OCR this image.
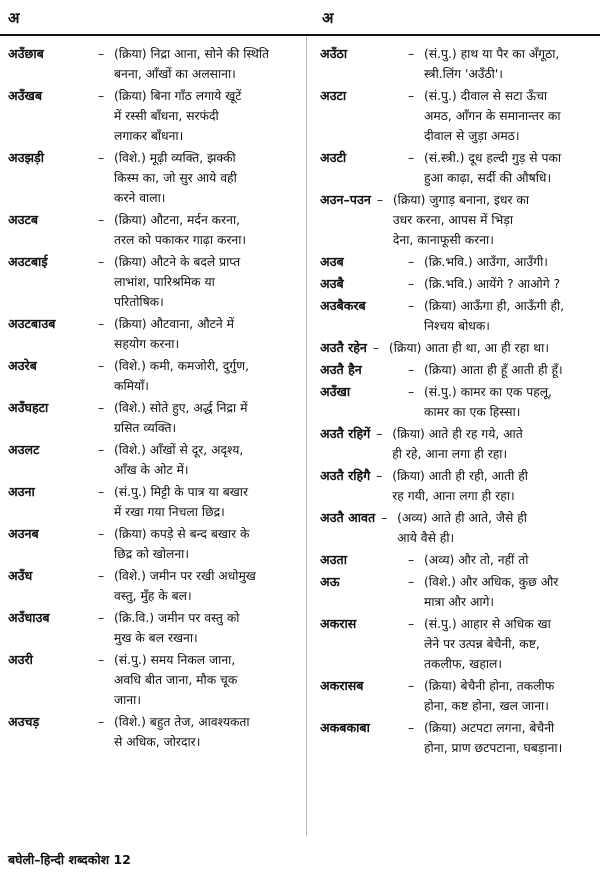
अ	अ
अउँछाब	– (क्रिया) निद्रा आना, सोने की स्थिति
बनना, आँखों का अलसाना।
अउँखब	– (क्रिया) बिना गाँठ लगाये खूटें
में रस्सी बाँधना, सरफंदी
लगाकर बाँधना।
अउझड़ी	– (विशे.) मूढ़ी व्यक्ति, झक्की
किस्म का, जो सुर आये वही
करने वाला।
अउटब	– (क्रिया) औटना, मर्दन करना,
तरल को पकाकर गाढ़ा करना।
अउटबाई	– (क्रिया) औटने के बदले प्राप्त
लाभांश, पारिश्रमिक या
परितोषिक।
अउटबाउब	– (क्रिया) औटवाना, औटने में
सहयोग करना।
अउरेब	– (विशे.) कमी, कमजोरी, दुर्गुण,
कमियाँ।
अउँघहटा	– (विशे.) सोते हुए, अर्द्ध निद्रा में
ग्रसित व्यक्ति।
अउलट	– (विशे.) आँखों से दूर, अदृश्य,
आँख के ओट में।
अउना	– (सं.पु.) मिट्टी के पात्र या बखार
में रखा गया निचला छिद्र।
अउनब	– (क्रिया) कपड़े से बन्द बखार के
छिद्र को खोलना।
अउँध	– (विशे.) जमीन पर रखी अधोमुख
वस्तु, मुँह के बल।
अउँधाउब	– (क्रि.वि.) जमीन पर वस्तु को
मुख के बल रखना।
अउरी	– (सं.पु.) समय निकल जाना,
अवधि बीत जाना, मौक चूक
जाना।
अउचड़	– (विशे.) बहुत तेज, आवश्यकता
से अधिक, जोरदार।
अउँठा	– (सं.पु.) हाथ या पैर का अँगूठा,
स्त्री.लिंग 'अउँठी'।
अउटा	– (सं.पु.) दीवाल से सटा ऊँचा
अमठ, आँगन के समानान्तर का
दीवाल से जुड़ा अमठ।
अउटी	– (सं.स्त्री.) दूध हल्दी गुड़ से पका
हुआ काढ़ा, सर्दी की औषधि।
अउन–पउन – (क्रिया) जुगाड़ बनाना, इधर का
उधर करना, आपस में भिड़ा
देना, कानाफूसी करना।
अउब	– (क्रि.भवि.) आउँगा, आउँगी।
अउबै	– (क्रि.भवि.) आयेंगे ? आओगे ?
अउबैकरब	– (क्रिया) आऊँगा ही, आऊँगी ही,
निश्चय बोधक।
अउतै रहेन – (क्रिया) आता ही था, आ ही रहा था।
अउतै हैन	– (क्रिया) आता ही हूँ आती ही हूँ।
अउँखा	– (सं.पु.) कामर का एक पहलू,
कामर का एक हिस्सा।
अउतै रहिगें – (क्रिया) आते ही रह गये, आते
ही रहे, आना लगा ही रहा।
अउतै रहिगै – (क्रिया) आती ही रही, आती ही
रह गयी, आना लगा ही रहा।
अउतै आवत – (अव्य) आते ही आते, जैसे ही
आये वैसे ही।
अउता	– (अव्य) और तो, नहीं तो
अऊ	– (विशे.) और अधिक, कुछ और
मात्रा और आगे।
अकरास	– (सं.पु.) आहार से अधिक खा
लेने पर उत्पन्न बेचैनी, कष्ट,
तकलीफ, खहाल।
अकरासब	– (क्रिया) बेचैनी होना, तकलीफ
होना, कष्ट होना, खल जाना।
अकबकाबा	– (क्रिया) अटपटा लगना, बेचैनी
होना, प्राण छटपटाना, घबड़ाना।
बघेली–हिन्दी शब्दकोश 12
